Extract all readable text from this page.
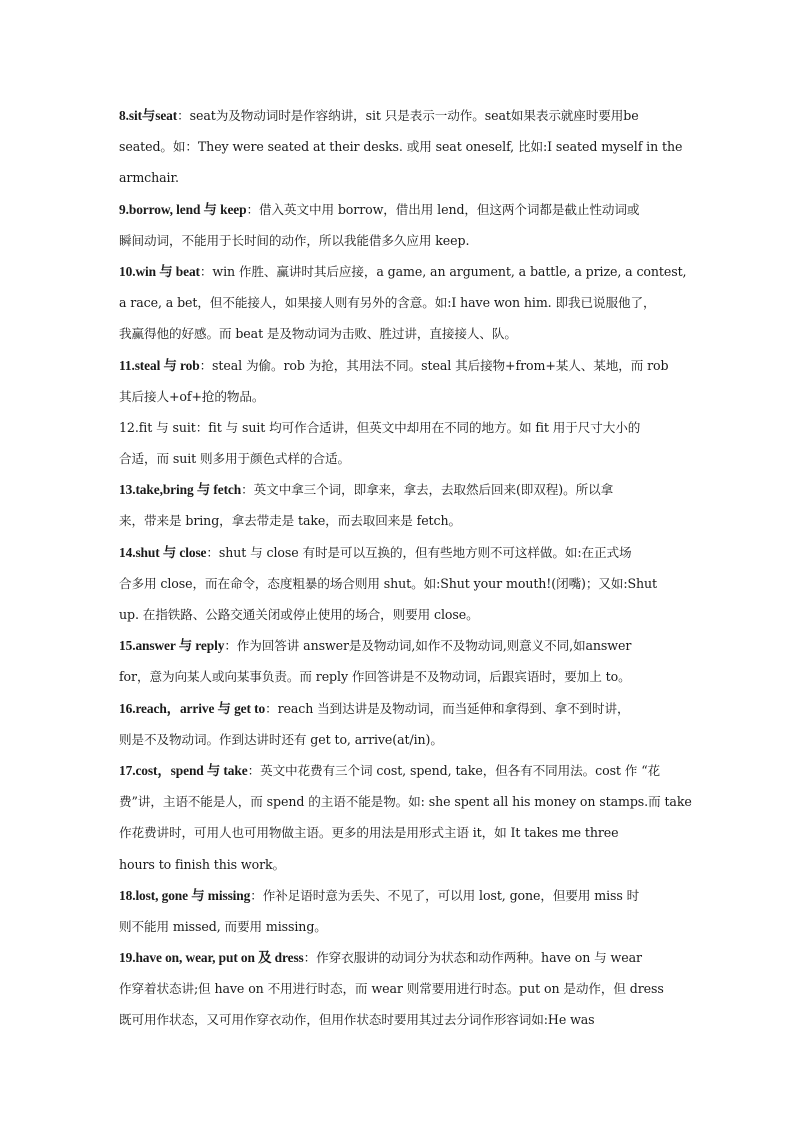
8.sit与seat：seat为及物动词时是作容纳讲，sit 只是表示一动作。seat如果表示就座时要用be
seated。如：They were seated at their desks. 或用 seat oneself, 比如:I seated myself in the
armchair.
9.borrow, lend 与 keep：借入英文中用 borrow，借出用 lend，但这两个词都是截止性动词或
瞬间动词，不能用于长时间的动作，所以我能借多久应用 keep.
10.win 与 beat：win 作胜、赢讲时其后应接，a game, an argument, a battle, a prize, a contest,
a race, a bet，但不能接人，如果接人则有另外的含意。如:I have won him. 即我已说服他了，
我赢得他的好感。而 beat 是及物动词为击败、胜过讲，直接接人、队。
11.steal 与 rob：steal 为偷。rob 为抢，其用法不同。steal 其后接物+from+某人、某地，而 rob
其后接人+of+抢的物品。
12.fit 与 suit：fit 与 suit 均可作合适讲，但英文中却用在不同的地方。如 fit 用于尺寸大小的
合适，而 suit 则多用于颜色式样的合适。
13.take,bring 与 fetch：英文中拿三个词，即拿来，拿去，去取然后回来(即双程)。所以拿
来，带来是 bring，拿去带走是 take，而去取回来是 fetch。
14.shut 与 close：shut 与 close 有时是可以互换的，但有些地方则不可这样做。如:在正式场
合多用 close，而在命令，态度粗暴的场合则用 shut。如:Shut your mouth!(闭嘴)；又如:Shut
up. 在指铁路、公路交通关闭或停止使用的场合，则要用 close。
15.answer 与 reply：作为回答讲 answer是及物动词,如作不及物动词,则意义不同,如answer
for，意为向某人或向某事负责。而 reply 作回答讲是不及物动词，后跟宾语时，要加上 to。
16.reach，arrive 与 get to：reach 当到达讲是及物动词，而当延伸和拿得到、拿不到时讲，
则是不及物动词。作到达讲时还有 get to, arrive(at/in)。
17.cost，spend 与 take：英文中花费有三个词 cost, spend, take，但各有不同用法。cost 作 “花
费”讲，主语不能是人，而 spend 的主语不能是物。如: she spent all his money on stamps.而 take
作花费讲时，可用人也可用物做主语。更多的用法是用形式主语 it，如 It takes me three
hours to finish this work。
18.lost, gone 与 missing：作补足语时意为丢失、不见了，可以用 lost, gone，但要用 miss 时
则不能用 missed, 而要用 missing。
19.have on, wear, put on 及 dress：作穿衣服讲的动词分为状态和动作两种。have on 与 wear
作穿着状态讲;但 have on 不用进行时态，而 wear 则常要用进行时态。put on 是动作，但 dress
既可用作状态，又可用作穿衣动作，但用作状态时要用其过去分词作形容词如:He was
